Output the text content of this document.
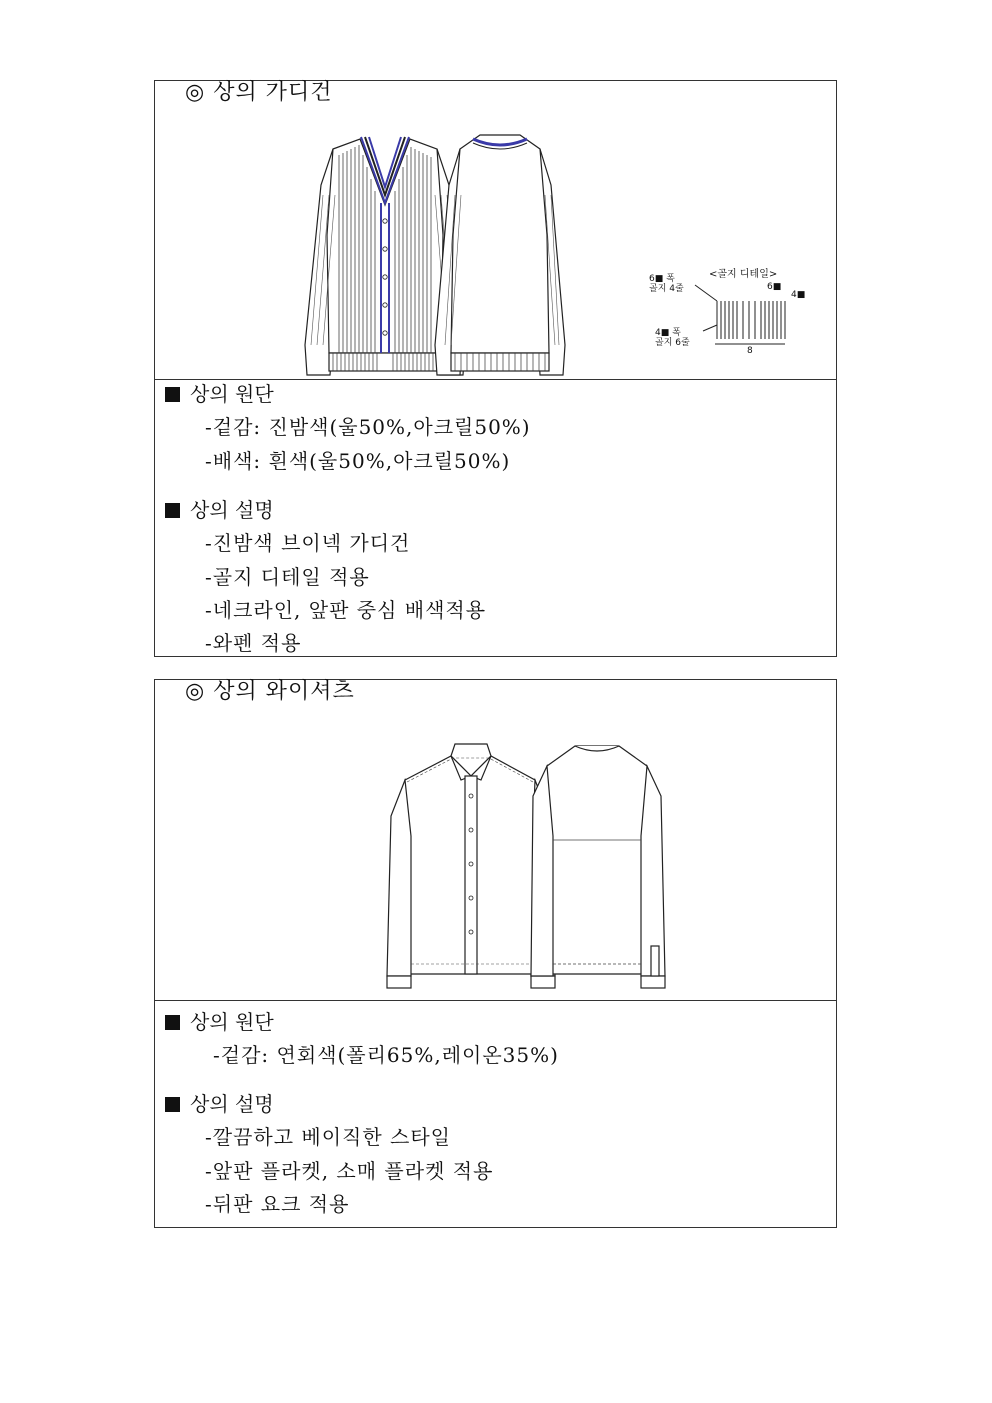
◎ 상의 가디건
<골지 디테일>
6■ 폭
골지 4줄	6■
4■
4■ 폭
골지 6줄
8
상의 원단
-겉감: 진밤색(울50%,아크릴50%)
-배색: 흰색(울50%,아크릴50%)
상의 설명
-진밤색 브이넥 가디건
-골지 디테일 적용
-네크라인, 앞판 중심 배색적용
-와펜 적용
◎ 상의 와이셔츠
상의 원단
-겉감: 연회색(폴리65%,레이온35%)
상의 설명
-깔끔하고 베이직한 스타일
-앞판 플라켓, 소매 플라켓 적용
-뒤판 요크 적용
